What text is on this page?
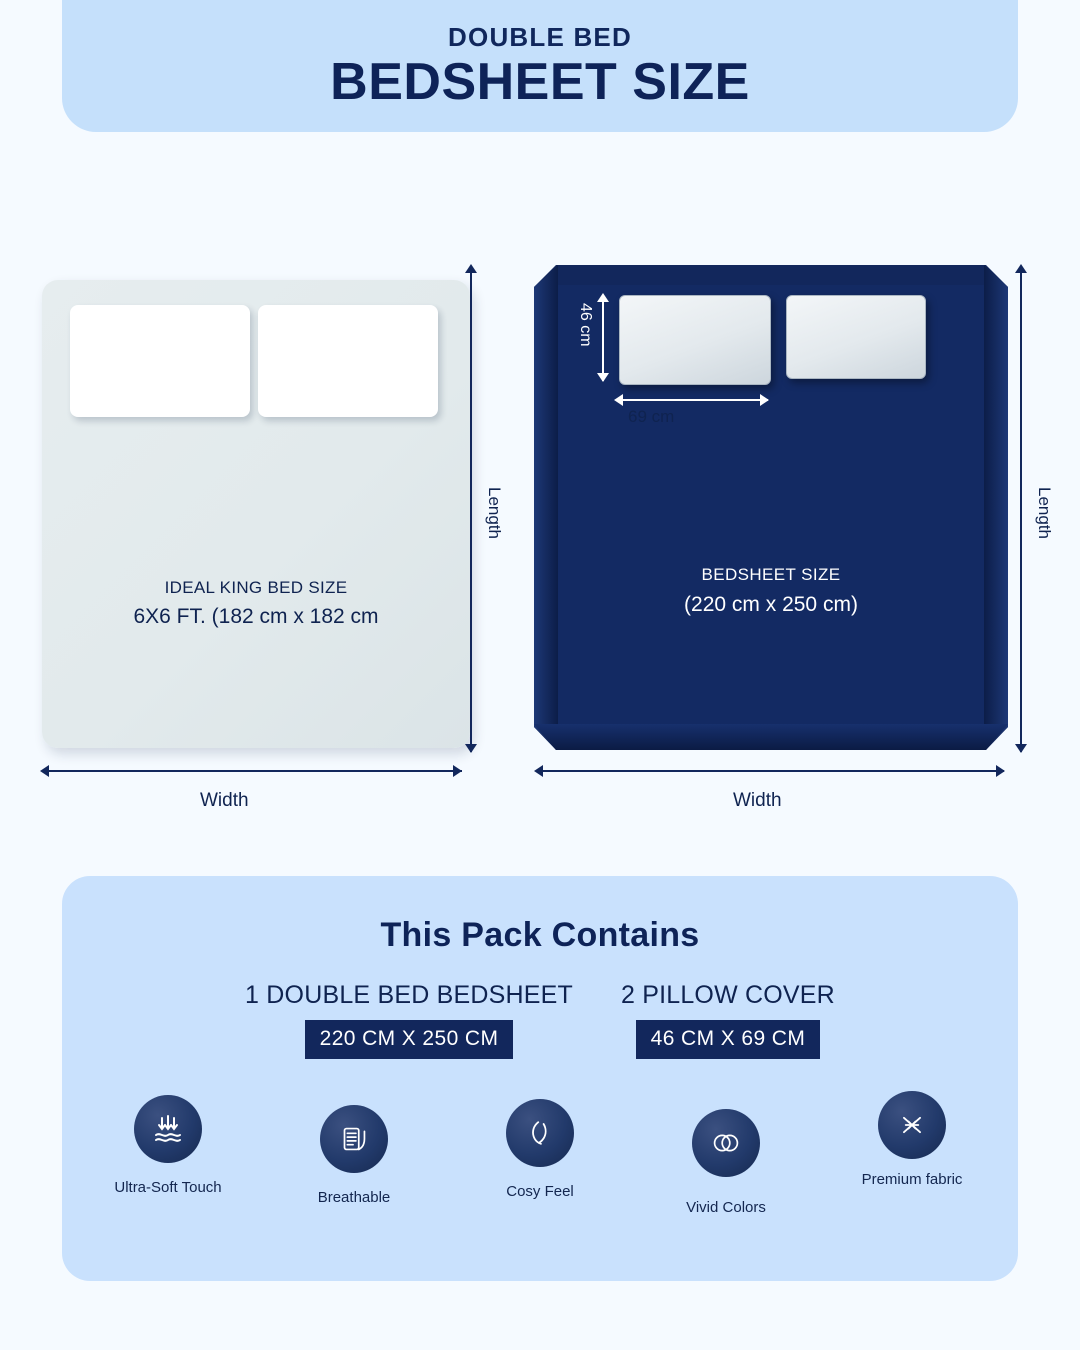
DOUBLE BED
BEDSHEET SIZE
IDEAL KING BED SIZE
6X6 FT. (182 cm x 182 cm
Length
Width
BEDSHEET SIZE
(220 cm x 250 cm)
46 cm
69 cm
Length
Width
This Pack Contains
1 DOUBLE BED BEDSHEET
220 CM X 250 CM
2 PILLOW COVER
46 CM X 69 CM
Ultra-Soft Touch
Breathable	Cosy Feel
Vivid Colors
Premium fabric
